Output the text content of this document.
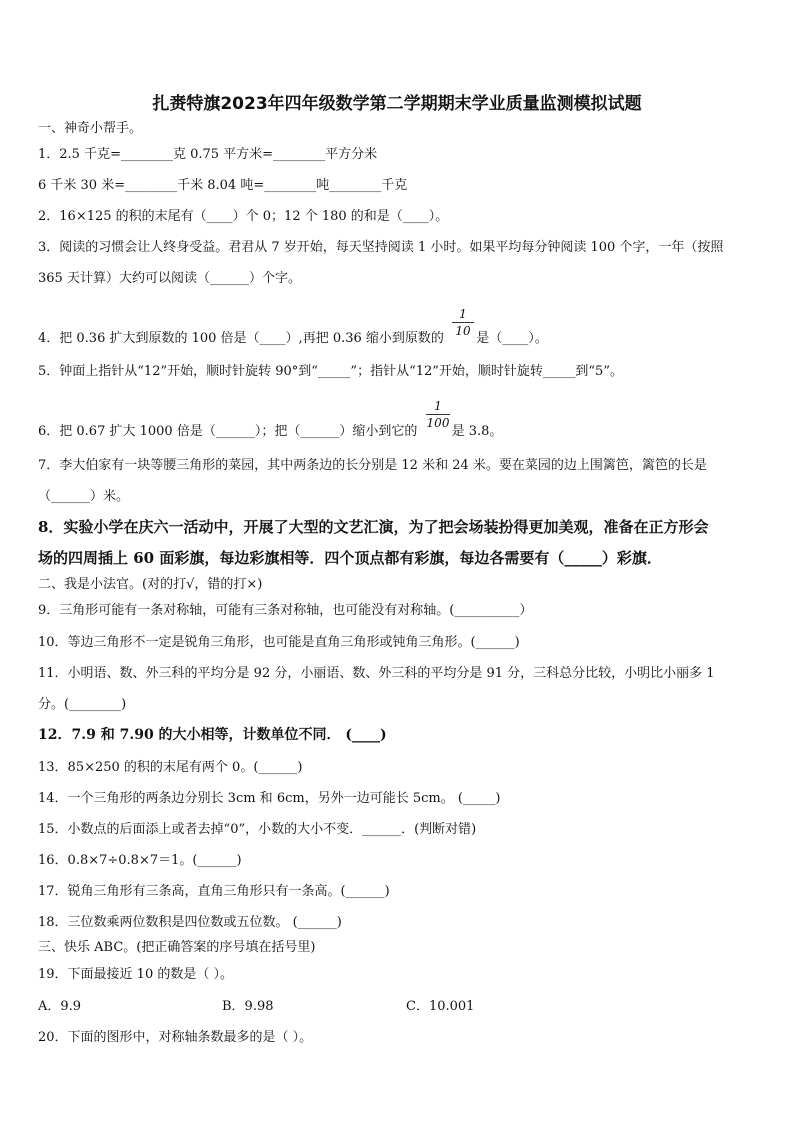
扎赉特旗2023年四年级数学第二学期期末学业质量监测模拟试题
一、神奇小帮手。
1．2.5 千克=________克 0.75 平方米=________平方分米
6 千米 30 米=________千米 8.04 吨=________吨________千克
2．16×125 的积的末尾有（____）个 0；12 个 180 的和是（____）。
3．阅读的习惯会让人终身受益。君君从 7 岁开始，每天坚持阅读 1 小时。如果平均每分钟阅读 100 个字，一年（按照
365 天计算）大约可以阅读（______）个字。
4．把 0.36 扩大到原数的 100 倍是（____）,再把 0.36 缩小到原数的 是（____）。
$\frac{1}{10}$
5．钟面上指针从“12”开始，顺时针旋转 90°到“_____”；指针从“12”开始，顺时针旋转_____到“5”。
6．把 0.67 扩大 1000 倍是（______）；把（______）缩小到它的	是 3.8。
$\frac{1}{100}$
7．李大伯家有一块等腰三角形的菜园，其中两条边的长分别是 12 米和 24 米。要在菜园的边上围篱笆，篱笆的长是
（______）米。
8．实验小学在庆六一活动中，开展了大型的文艺汇演，为了把会场装扮得更加美观，准备在正方形会
场的四周插上 60 面彩旗，每边彩旗相等．四个顶点都有彩旗，每边各需要有（_____）彩旗．
二、我是小法官。(对的打√，错的打×)
9．三角形可能有一条对称轴，可能有三条对称轴，也可能没有对称轴。(__________）
10．等边三角形不一定是锐角三角形，也可能是直角三角形或钝角三角形。(______)
11．小明语、数、外三科的平均分是 92 分，小丽语、数、外三科的平均分是 91 分，三科总分比较，小明比小丽多 1
分。(________)
12．7.9 和 7.90 的大小相等，计数单位不同． (____)
13．85×250 的积的末尾有两个 0。(______)
14．一个三角形的两条边分别长 3cm 和 6cm，另外一边可能长 5cm。 (_____)
15．小数点的后面添上或者去掉“0”，小数的大小不变．______．(判断对错)
16．0.8×7÷0.8×7＝1。(______)
17．锐角三角形有三条高，直角三角形只有一条高。(______)
18．三位数乘两位数积是四位数或五位数。 (______)
三、快乐 ABC。(把正确答案的序号填在括号里)
19．下面最接近 10 的数是（ ）。
A．9.9	B．9.98	C．10.001
20．下面的图形中，对称轴条数最多的是（ ）。
